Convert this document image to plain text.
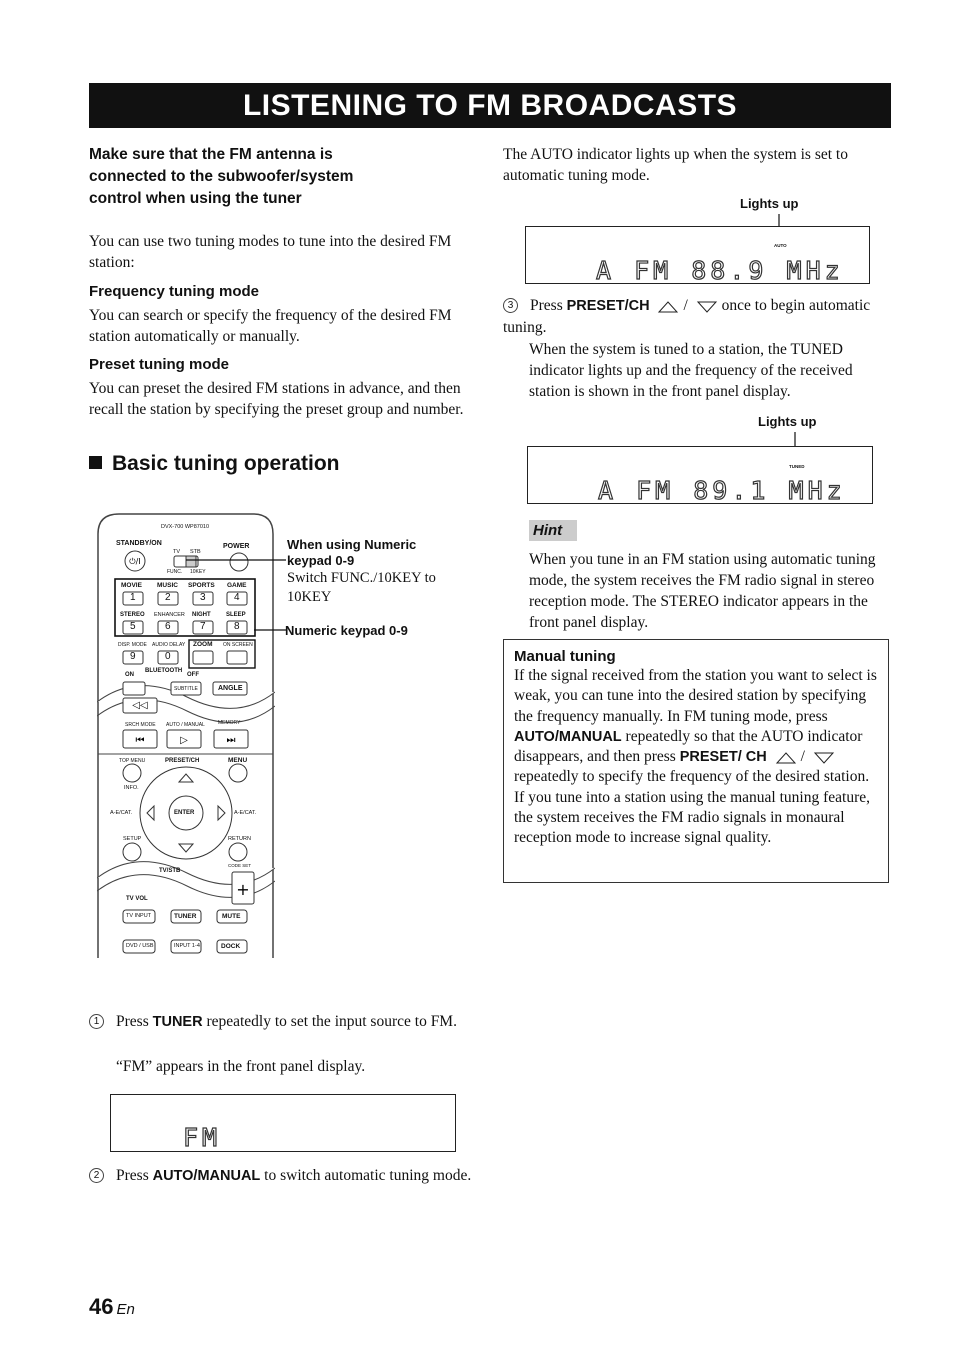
LISTENING TO FM BROADCASTS
Make sure that the FM antenna is
connected to the subwoofer/system
control when using the tuner
You can use two tuning modes to tune into the desired FM station:
Frequency tuning mode
You can search or specify the frequency of the desired FM station automatically or manually.
Preset tuning mode
You can preset the desired FM stations in advance, and then recall the station by specifying the preset group and number.
Basic tuning operation
⏻/I
◁◁
⏮	▷	⏭
+
DVX-700 WP87010
STANDBY/ON	POWER
TV STB
FUNC. 10KEY
MOVIE MUSIC SPORTS GAME
1	2	3	4
STEREO ENHANCER NIGHT	SLEEP
5	6	7	8
DISP. MODE AUDIO DELAY ZOOM ON SCREEN
9	0
BLUETOOTH
ON	OFF
SUBTITLE	ANGLE
SRCH MODE AUTO / MANUAL	MEMORY
TOP MENU	PRESET/CH	MENU
INFO.
A-E/CAT.	A-E/CAT.
ENTER
SETUP	RETURN
CODE SET
TV/STB
TV VOL
TV INPUT	TUNER	MUTE
DVD / USB	INPUT 1-4	DOCK
When using Numeric keypad 0-9
Switch FUNC./10KEY to 10KEY
Numeric keypad 0-9
1 Press TUNER repeatedly to set the input source to FM.
“FM” appears in the front panel display.
FM
2 Press AUTO/MANUAL to switch automatic tuning mode.
The AUTO indicator lights up when the system is set to automatic tuning mode.
Lights up
AUTO
A FM 88.9 MHz
3 Press PRESET/CH / once to begin automatic tuning.
When the system is tuned to a station, the TUNED indicator lights up and the frequency of the received station is shown in the front panel display.
Lights up
TUNED
A FM 89.1 MHz
Hint
When you tune in an FM station using automatic tuning mode, the system receives the FM radio signal in stereo reception mode. The STEREO indicator appears in the front panel display.
Manual tuning
If the signal received from the station you want to select is weak, you can tune into the desired station by specifying the frequency manually. In FM tuning mode, press AUTO/MANUAL repeatedly so that the AUTO indicator disappears, and then press PRESET/ CH /  repeatedly to specify the frequency of the desired station.
If you tune into a station using the manual tuning feature, the system receives the FM radio signals in monaural reception mode to increase signal quality.
46 En
